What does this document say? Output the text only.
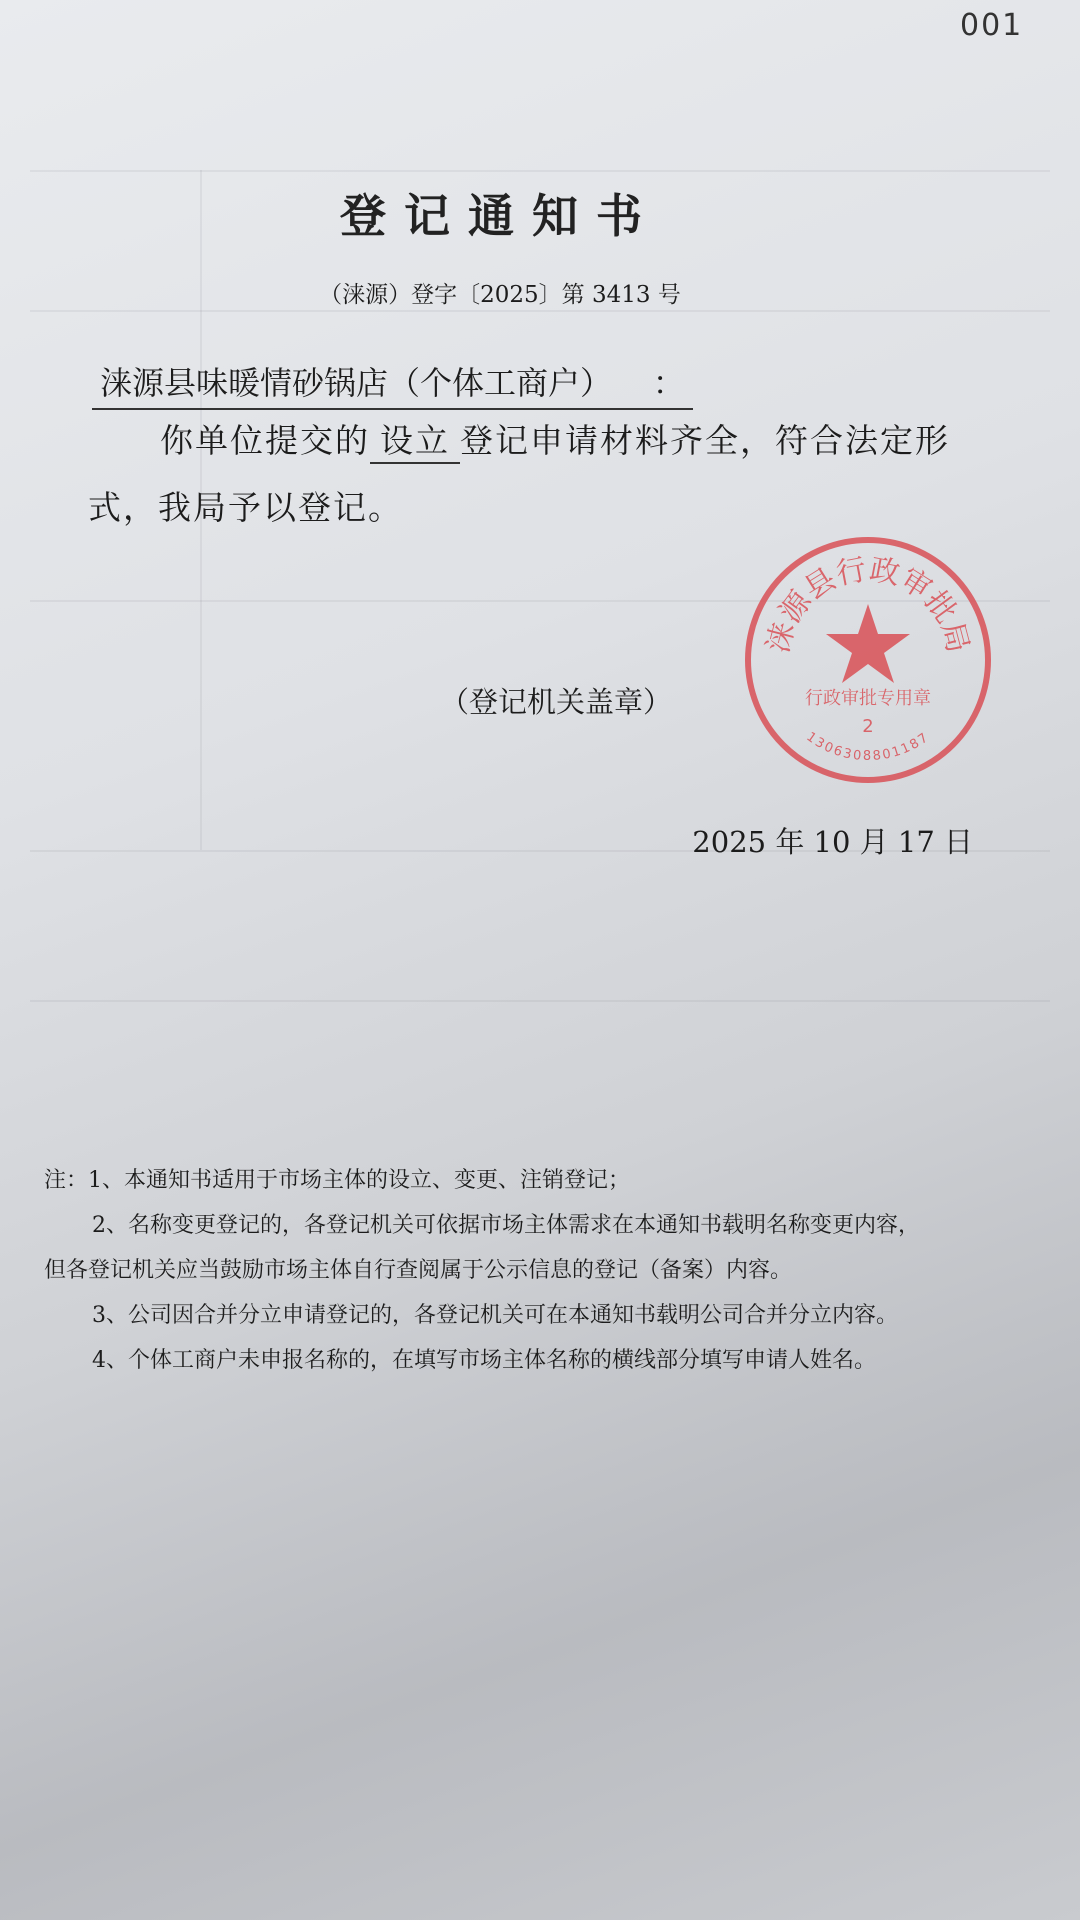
001
登记通知书
（涞源）登字〔2025〕第 3413 号
涞源县味暖情砂锅店（个体工商户） ：
你单位提交的 设立 登记申请材料齐全，符合法定形
式，我局予以登记。
（登记机关盖章）
涞源县行政审批局
行政审批专用章
2
1306308801187
2025 年 10 月 17 日
注：1、本通知书适用于市场主体的设立、变更、注销登记；
2、名称变更登记的，各登记机关可依据市场主体需求在本通知书载明名称变更内容，
但各登记机关应当鼓励市场主体自行查阅属于公示信息的登记（备案）内容。
3、公司因合并分立申请登记的，各登记机关可在本通知书载明公司合并分立内容。
4、个体工商户未申报名称的，在填写市场主体名称的横线部分填写申请人姓名。
